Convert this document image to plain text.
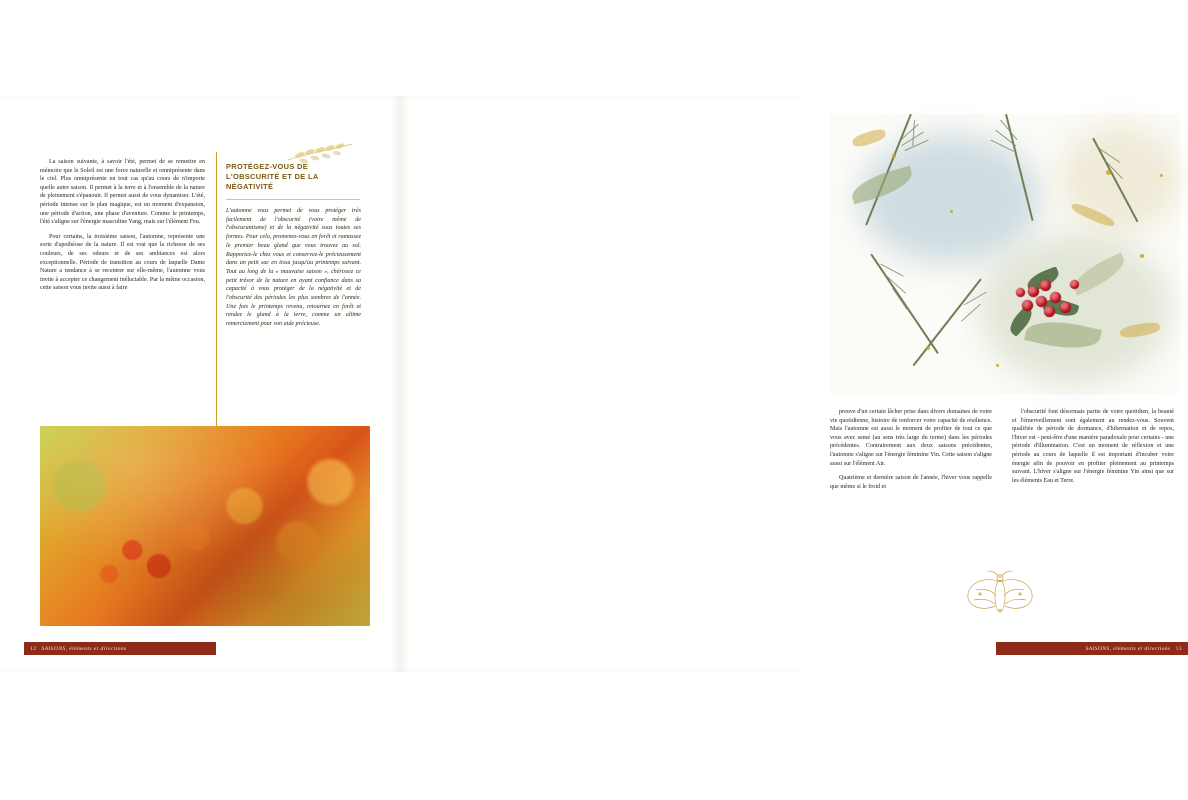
La saison suivante, à savoir l'été, permet de se remettre en mémoire que le Soleil est une force naturelle et omniprésente dans le ciel. Plus omniprésente en tout cas qu'au cours de n'importe quelle autre saison. Il permet à la terre et à l'ensemble de la nature de pleinement s'épanouir. Il permet aussi de vous dynamiser. L'été, période intense sur le plan magique, est un moment d'expansion, une période d'action, une phase d'aventure. Comme le printemps, l'été s'aligne sur l'énergie masculine Yang, mais sur l'élément Feu.

Pour certains, la troisième saison, l'automne, représente une sorte d'apothéose de la nature. Il est vrai que la richesse de ses couleurs, de ses odeurs et de ses ambiances est alors exceptionnelle. Période de transition au cours de laquelle Dame Nature a tendance à se recentrer sur elle-même, l'automne vous invite à accepter ce changement inéluctable. Par la même occasion, cette saison vous invite aussi à faire

PROTÉGEZ-VOUS DE L'OBSCURITÉ ET DE LA NÉGATIVITÉ

L'automne vous permet de vous protéger très facilement de l'obscurité (voire même de l'obscurantisme) et de la négativité sous toutes ses formes. Pour cela, promenez-vous en forêt et ramassez le premier beau gland que vous trouvez au sol. Rapportez-le chez vous et conservez-le précieusement dans un petit sac en tissu jusqu'au printemps suivant. Tout au long de la « mauvaise saison », chérissez ce petit trésor de la nature en ayant confiance dans sa capacité à vous protéger de la négativité et de l'obscurité des périodes les plus sombres de l'année. Une fois le printemps revenu, retournez en forêt et rendez le gland à la terre, comme un ultime remerciement pour son aide précieuse.

12 SAISONS, éléments et directions

preuve d'un certain lâcher prise dans divers domaines de votre vie quotidienne, histoire de renforcer votre capacité de résilience. Mais l'automne est aussi le moment de profiter de tout ce que vous avez semé (au sens très large du terme) dans les périodes précédentes. Contrairement aux deux saisons précédentes, l'automne s'aligne sur l'énergie féminine Yin. Cette saison s'aligne aussi sur l'élément Air.

Quatrième et dernière saison de l'année, l'hiver vous rappelle que même si le froid et

l'obscurité font désormais partie de votre quotidien, la beauté et l'émerveillement sont également au rendez-vous. Souvent qualifiée de période de dormance, d'hibernation et de repos, l'hiver est - peut-être d'une manière paradoxale pour certains - une période d'illumination. C'est un moment de réflexion et une période au cours de laquelle il est important d'incuber votre énergie afin de pouvoir en profiter pleinement au printemps suivant. L'hiver s'aligne sur l'énergie féminine Yin ainsi que sur les éléments Eau et Terre.

SAISONS, éléments et directions 13
